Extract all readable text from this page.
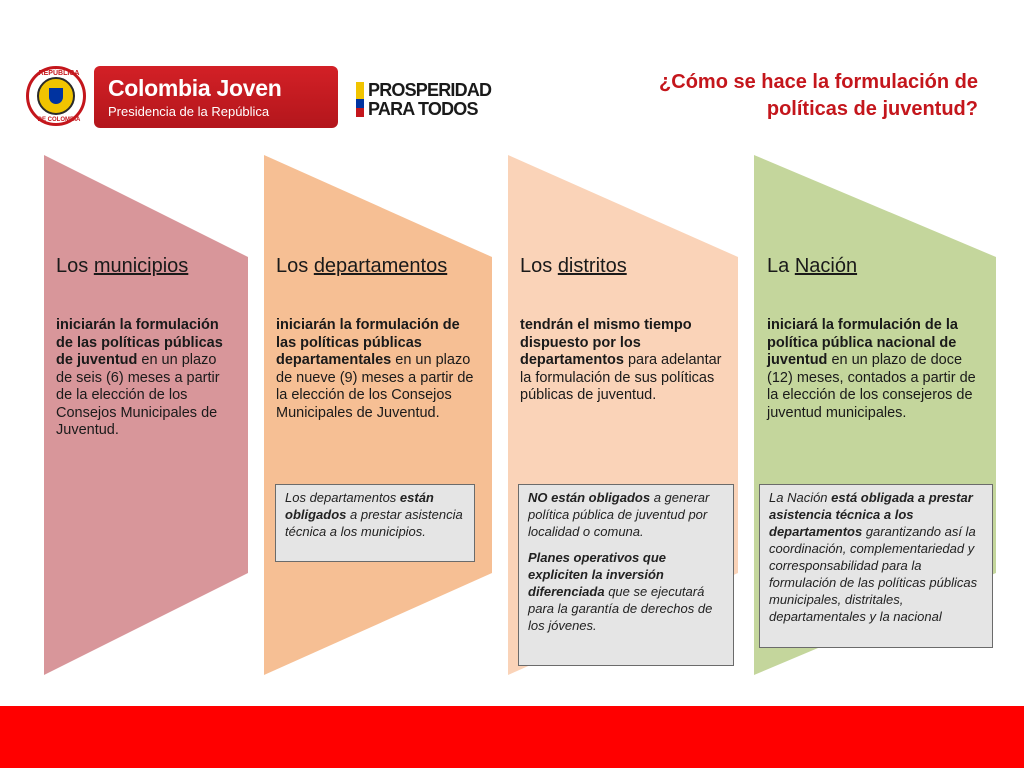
REPÚBLICA
DE COLOMBIA
Colombia Joven
Presidencia de la República
PROSPERIDAD
PARA TODOS
¿Cómo se hace la formulación de
políticas de juventud?
Los municipios
iniciarán la formulación de las políticas públicas de juventud en un plazo de seis (6) meses a partir de la elección de los Consejos Municipales de Juventud.
Los departamentos
iniciarán la formulación de las políticas públicas departamentales en un plazo de nueve (9) meses a partir de la elección de los Consejos Municipales de Juventud.
Los distritos
tendrán el mismo tiempo dispuesto por los departamentos para adelantar la formulación de sus políticas públicas de juventud.
La Nación
iniciará la formulación de la política pública nacional de juventud en un plazo de doce (12) meses, contados a partir de la elección de los consejeros de juventud municipales.

Los departamentos están obligados a prestar asistencia técnica a los municipios.

NO están obligados a generar política pública de juventud por localidad o comuna.

Planes operativos que expliciten la inversión diferenciada que se ejecutará para la garantía de derechos de los jóvenes.

La Nación está obligada a prestar asistencia técnica a los departamentos garantizando así la coordinación, complementariedad y corresponsabilidad para la formulación de las políticas públicas municipales, distritales, departamentales y la nacional
